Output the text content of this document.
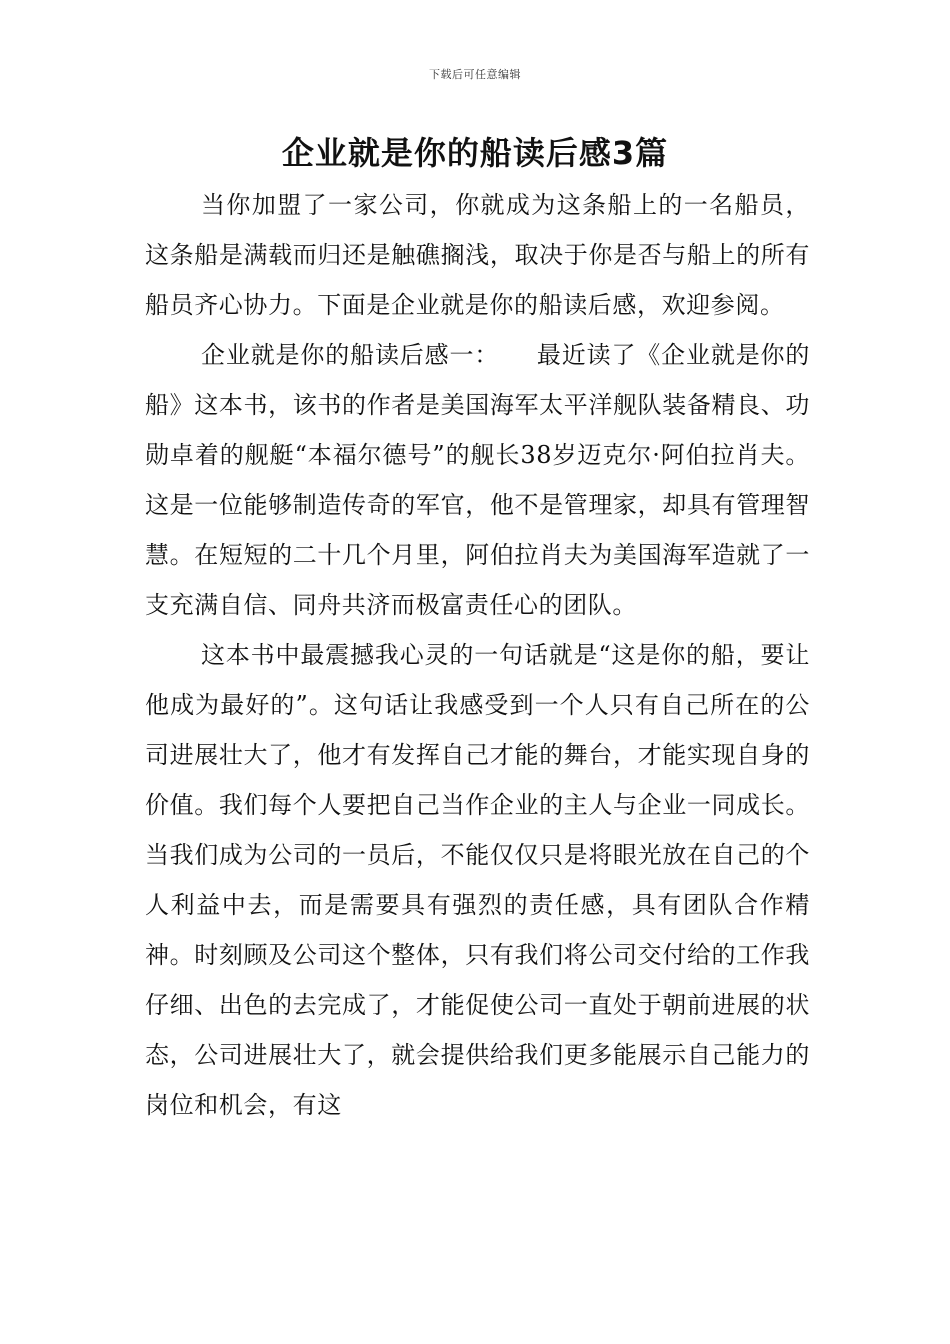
下载后可任意编辑
企业就是你的船读后感3篇

当你加盟了一家公司，你就成为这条船上的一名船员，这条船是满载而归还是触礁搁浅，取决于你是否与船上的所有船员齐心协力。下面是企业就是你的船读后感，欢迎参阅。

企业就是你的船读后感一：　　最近读了《企业就是你的船》这本书，该书的作者是美国海军太平洋舰队装备精良、功勋卓着的舰艇“本福尔德号”的舰长38岁迈克尔·阿伯拉肖夫。这是一位能够制造传奇的军官，他不是管理家，却具有管理智慧。在短短的二十几个月里，阿伯拉肖夫为美国海军造就了一支充满自信、同舟共济而极富责任心的团队。

这本书中最震撼我心灵的一句话就是“这是你的船，要让他成为最好的”。这句话让我感受到一个人只有自己所在的公司进展壮大了，他才有发挥自己才能的舞台，才能实现自身的价值。我们每个人要把自己当作企业的主人与企业一同成长。当我们成为公司的一员后，不能仅仅只是将眼光放在自己的个人利益中去，而是需要具有强烈的责任感，具有团队合作精神。时刻顾及公司这个整体，只有我们将公司交付给的工作我仔细、出色的去完成了，才能促使公司一直处于朝前进展的状态，公司进展壮大了，就会提供给我们更多能展示自己能力的岗位和机会，有这
